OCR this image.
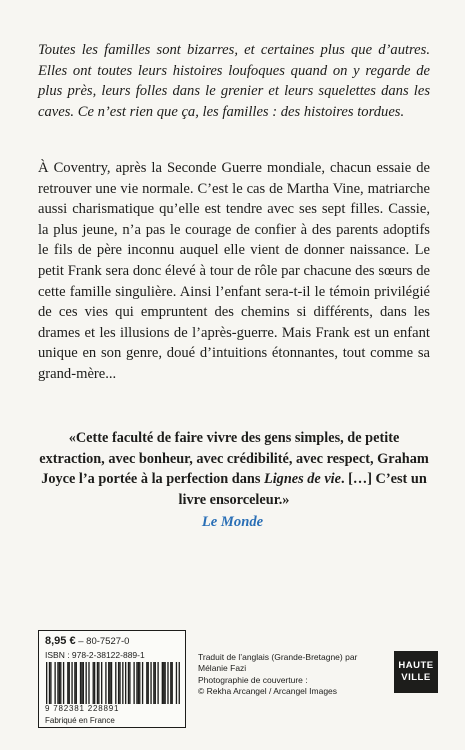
Toutes les familles sont bizarres, et certaines plus que d’autres. Elles ont toutes leurs histoires loufoques quand on y regarde de plus près, leurs folles dans le grenier et leurs squelettes dans les caves. Ce n’est rien que ça, les familles : des histoires tordues.

À Coventry, après la Seconde Guerre mondiale, chacun essaie de retrouver une vie normale. C’est le cas de Martha Vine, matriarche aussi charismatique qu’elle est tendre avec ses sept filles. Cassie, la plus jeune, n’a pas le courage de confier à des parents adoptifs le fils de père inconnu auquel elle vient de donner naissance. Le petit Frank sera donc élevé à tour de rôle par chacune des sœurs de cette famille singulière. Ainsi l’enfant sera-t-il le témoin privilégié de ces vies qui empruntent des chemins si différents, dans les drames et les illusions de l’après-guerre. Mais Frank est un enfant unique en son genre, doué d’intuitions étonnantes, tout comme sa grand-mère...

«Cette faculté de faire vivre des gens simples, de petite extraction, avec bonheur, avec crédibilité, avec respect, Graham Joyce l’a portée à la perfection dans Lignes de vie. […] C’est un livre ensorceleur.»

Le Monde
8,95 € – 80-7527-0
ISBN : 978-2-38122-889-1
9 782381 228891
Fabriqué en France
Traduit de l’anglais (Grande-Bretagne) par Mélanie Fazi
Photographie de couverture :
© Rekha Arcangel / Arcangel Images
HAUTE
VILLE
